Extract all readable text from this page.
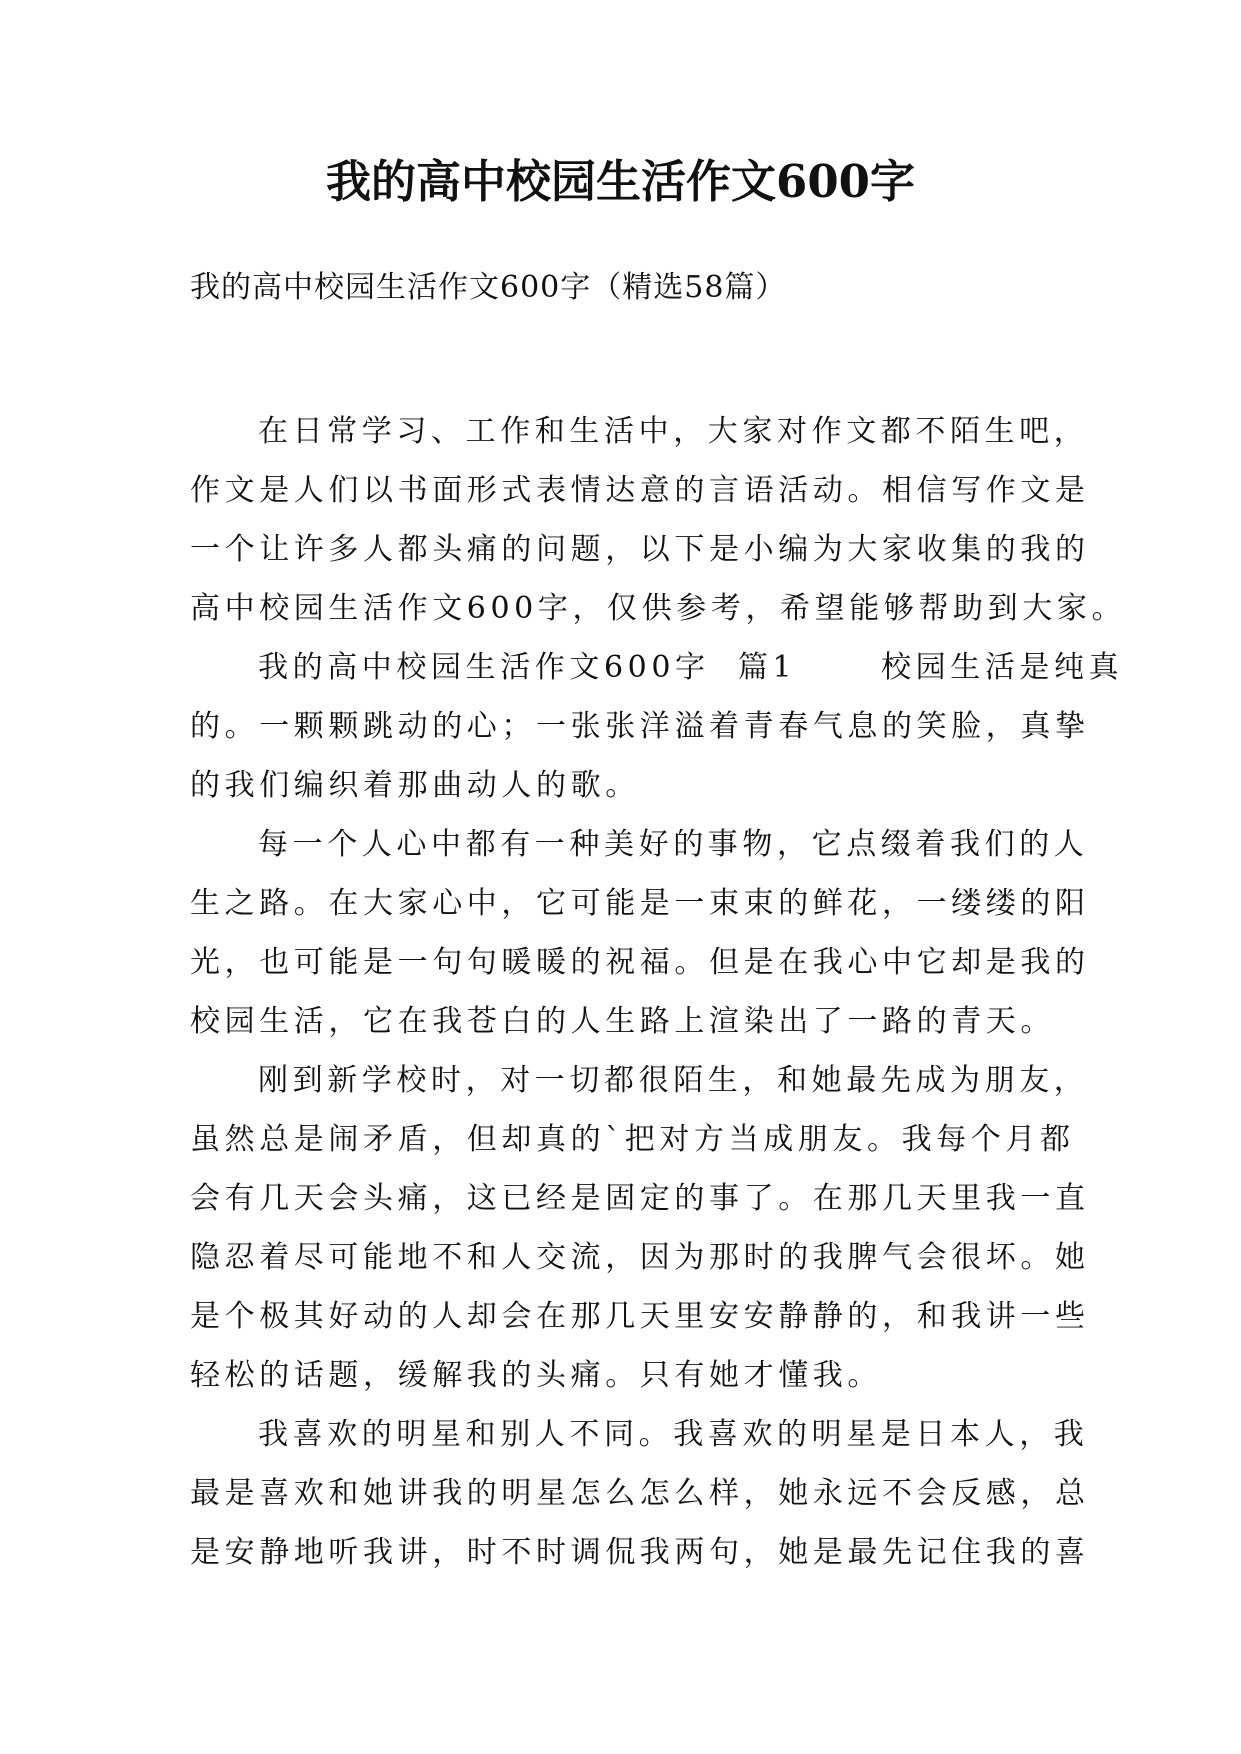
我的高中校园生活作文600字

我的高中校园生活作文600字（精选58篇）

在日常学习、工作和生活中，大家对作文都不陌生吧，
作文是人们以书面形式表情达意的言语活动。相信写作文是
一个让许多人都头痛的问题，以下是小编为大家收集的我的
高中校园生活作文600字，仅供参考，希望能够帮助到大家。

我的高中校园生活作文600字  篇1      校园生活是纯真
的。一颗颗跳动的心；一张张洋溢着青春气息的笑脸，真挚
的我们编织着那曲动人的歌。

每一个人心中都有一种美好的事物，它点缀着我们的人
生之路。在大家心中，它可能是一束束的鲜花，一缕缕的阳
光，也可能是一句句暖暖的祝福。但是在我心中它却是我的
校园生活，它在我苍白的人生路上渲染出了一路的青天。

刚到新学校时，对一切都很陌生，和她最先成为朋友，
虽然总是闹矛盾，但却真的`把对方当成朋友。我每个月都
会有几天会头痛，这已经是固定的事了。在那几天里我一直
隐忍着尽可能地不和人交流，因为那时的我脾气会很坏。她
是个极其好动的人却会在那几天里安安静静的，和我讲一些
轻松的话题，缓解我的头痛。只有她才懂我。

我喜欢的明星和别人不同。我喜欢的明星是日本人，我
最是喜欢和她讲我的明星怎么怎么样，她永远不会反感，总
是安静地听我讲，时不时调侃我两句，她是最先记住我的喜
